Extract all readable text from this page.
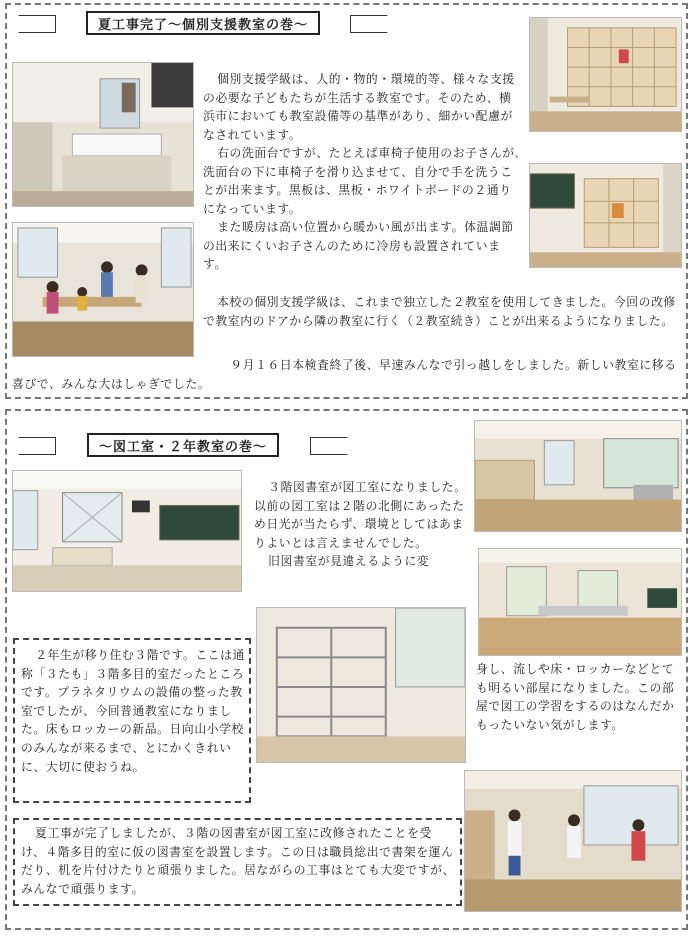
夏工事完了～個別支援教室の巻～

個別支援学級は、人的・物的・環境的等、様々な支援の必要な子どもたちが生活する教室です。そのため、横浜市においても教室設備等の基準があり、細かい配慮がなされています。

右の洗面台ですが、たとえば車椅子使用のお子さんが､洗面台の下に車椅子を滑り込ませて、自分で手を洗うことが出来ます。黒板は、黒板・ホワイトボードの２通りになっています。

また暖房は高い位置から暖かい風が出ます。体温調節の出来にくいお子さんのために冷房も設置されています。

本校の個別支援学級は、これまで独立した２教室を使用してきました。今回の改修で教室内のドアから隣の教室に行く（２教室続き）ことが出来るようになりました。

９月１６日本検査終了後、早速みんなで引っ越しをしました。新しい教室に移る喜びで、みんな大はしゃぎでした。

～図工室・２年教室の巻～

３階図書室が図工室になりました。以前の図工室は２階の北側にあったため日光が当たらず、環境としてはあまりよいとは言えませんでした。

旧図書室が見違えるように変

身し、流しや床・ロッカーなどとても明るい部屋になりました。この部屋で図工の学習をするのはなんだかもったいない気がします。

２年生が移り住む３階です。ここは通称「３たも」３階多目的室だったところです。プラネタリウムの設備の整った教室でしたが、今回普通教室になりました。床もロッカーの新品。日向山小学校のみんなが来るまで、とにかくきれいに、大切に使おうね。

夏工事が完了しましたが、３階の図書室が図工室に改修されたことを受け、４階多目的室に仮の図書室を設置します。この日は職員総出で書架を運んだり、机を片付けたりと頑張りました。居ながらの工事はとても大変ですが、みんなで頑張ります。
